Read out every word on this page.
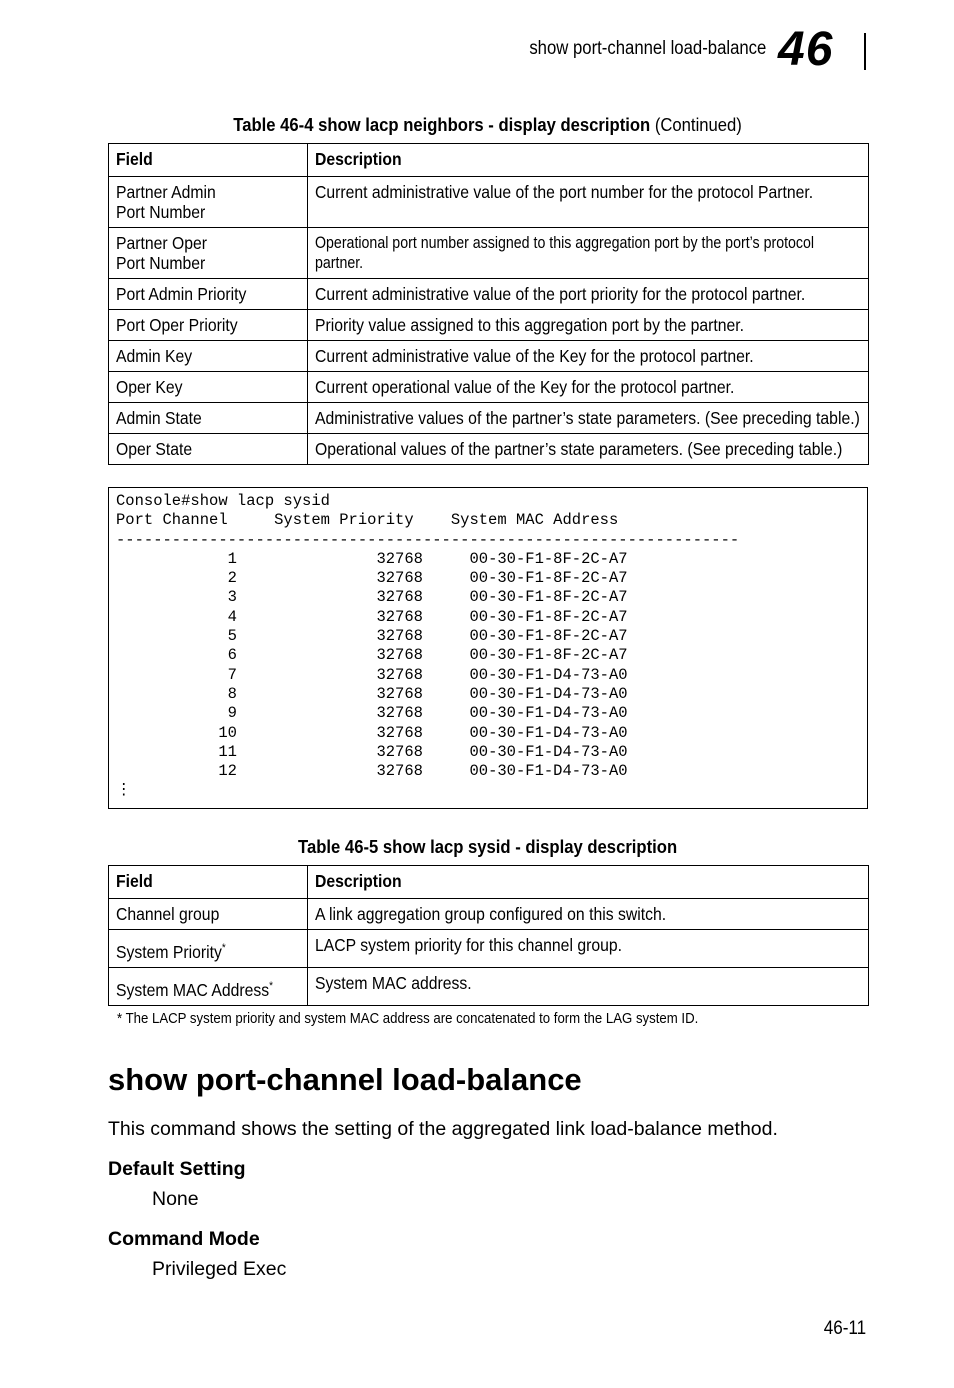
show port-channel load-balance 46
Table 46-4 show lacp neighbors - display description (Continued)
Field	Description
Partner Admin
Port Number	Current administrative value of the port number for the protocol Partner.
Partner Oper
Port Number	Operational port number assigned to this aggregation port by the port’s protocol partner.

Port Admin Priority	Current administrative value of the port priority for the protocol partner.
Port Oper Priority	Priority value assigned to this aggregation port by the partner.
Admin Key	Current administrative value of the Key for the protocol partner.
Oper Key	Current operational value of the Key for the protocol partner.
Admin State	Administrative values of the partner’s state parameters. (See preceding table.)
Oper State	Operational values of the partner’s state parameters. (See preceding table.)
Console#show lacp sysid
Port Channel     System Priority    System MAC Address
-------------------------------------------------------------------
1               32768     00-30-F1-8F-2C-A7
2               32768     00-30-F1-8F-2C-A7
3               32768     00-30-F1-8F-2C-A7
4               32768     00-30-F1-8F-2C-A7
5               32768     00-30-F1-8F-2C-A7
6               32768     00-30-F1-8F-2C-A7
7               32768     00-30-F1-D4-73-A0
8               32768     00-30-F1-D4-73-A0
9               32768     00-30-F1-D4-73-A0
10               32768     00-30-F1-D4-73-A0
11               32768     00-30-F1-D4-73-A0
12               32768     00-30-F1-D4-73-A0
⋮
Table 46-5 show lacp sysid - display description
Field	Description
Channel group	A link aggregation group configured on this switch.
System Priority*	LACP system priority for this channel group.
System MAC Address*	System MAC address.
* The LACP system priority and system MAC address are concatenated to form the LAG system ID.
show port-channel load-balance
This command shows the setting of the aggregated link load-balance method.
Default Setting
None
Command Mode
Privileged Exec
46-11
